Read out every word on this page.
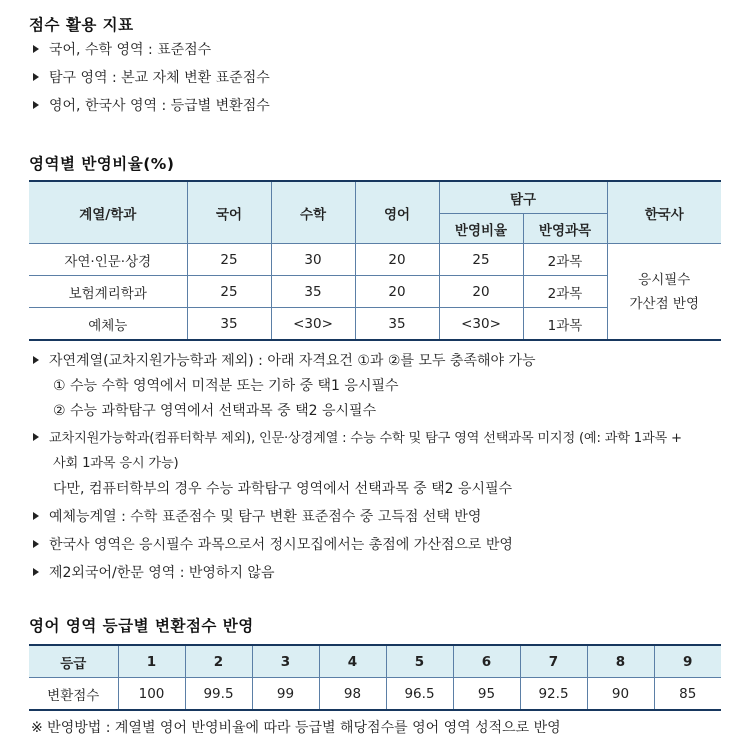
점수 활용 지표
국어, 수학 영역 : 표준점수
탐구 영역 : 본교 자체 변환 표준점수
영어, 한국사 영역 : 등급별 변환점수
영역별 반영비율(%)
계열/학과	국어	수학	영어	탐구		한국사
				반영비율	반영과목	
자연·인문·상경	25	30	20	25	2과목	응시필수
가산점 반영

보험계리학과	25	35	20	20	2과목	
예체능	35	<30>	35	<30>	1과목	
자연계열(교차지원가능학과 제외) : 아래 자격요건 ①과 ②를 모두 충족해야 가능
① 수능 수학 영역에서 미적분 또는 기하 중 택1 응시필수
② 수능 과학탐구 영역에서 선택과목 중 택2 응시필수
교차지원가능학과(컴퓨터학부 제외), 인문·상경계열 : 수능 수학 및 탐구 영역 선택과목 미지정 (예: 과학 1과목 +
사회 1과목 응시 가능)
다만, 컴퓨터학부의 경우 수능 과학탐구 영역에서 선택과목 중 택2 응시필수
예체능계열 : 수학 표준점수 및 탐구 변환 표준점수 중 고득점 선택 반영
한국사 영역은 응시필수 과목으로서 정시모집에서는 총점에 가산점으로 반영
제2외국어/한문 영역 : 반영하지 않음
영어 영역 등급별 변환점수 반영
등급	1	2	3	4	5	6	7	8	9
변환점수	100	99.5	99	98	96.5	95	92.5	90	85
※ 반영방법 : 계열별 영어 반영비율에 따라 등급별 해당점수를 영어 영역 성적으로 반영
